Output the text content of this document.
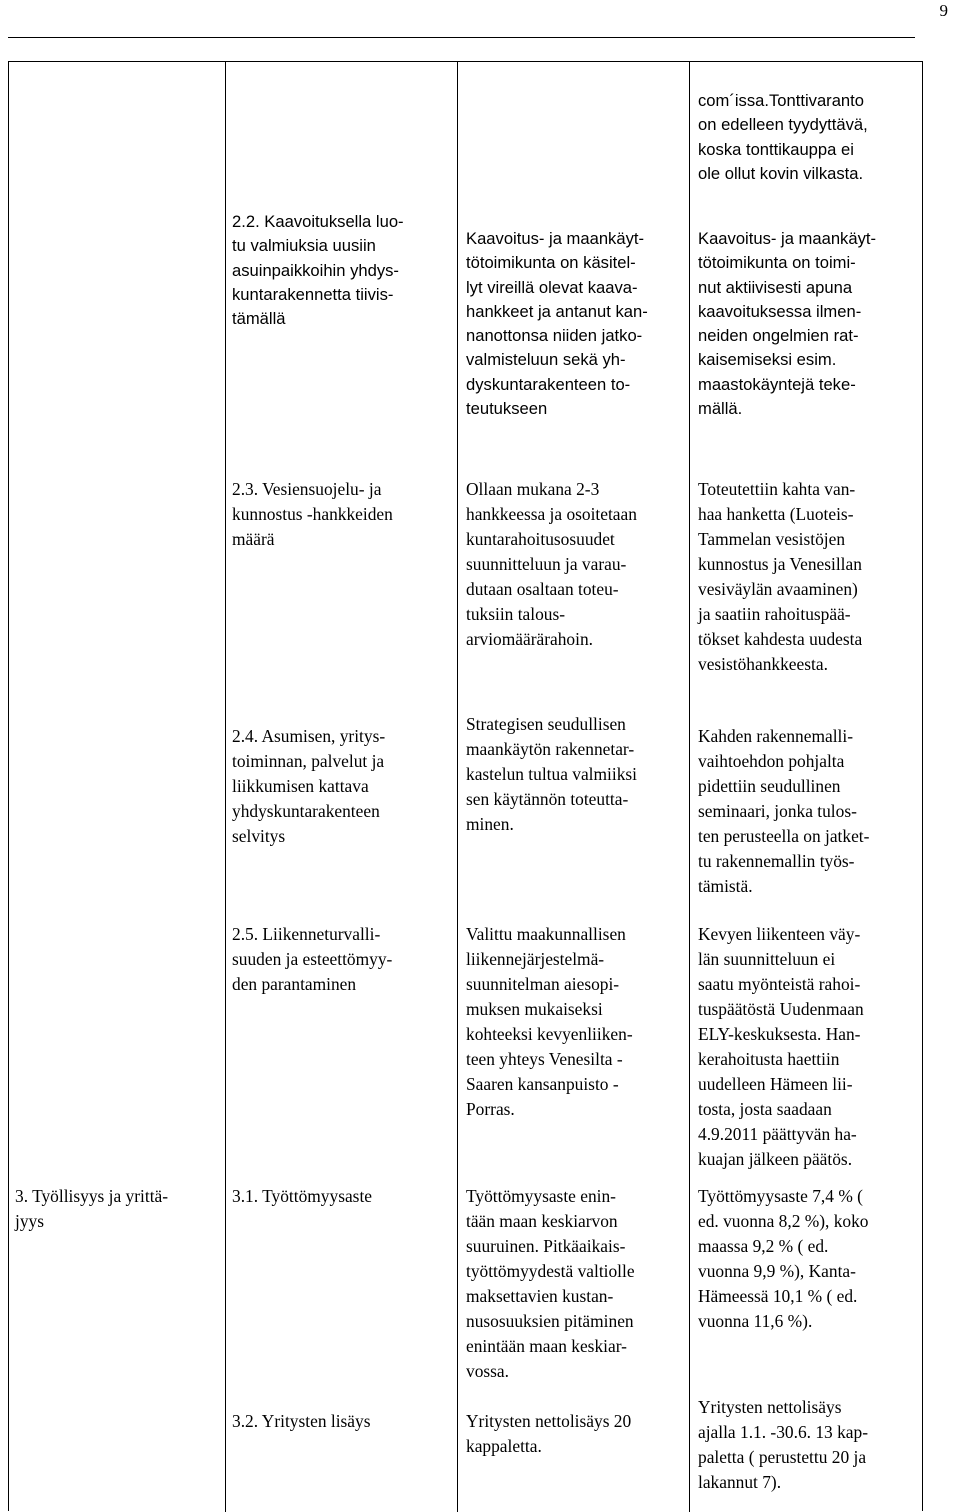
9

com´issa.Tonttivaranto
on edelleen tyydyttävä,
koska tonttikauppa ei
ole ollut kovin vilkasta.

2.2. Kaavoituksella luo-
tu valmiuksia uusiin
asuinpaikkoihin yhdys-
kuntarakennetta tiivis-
tämällä

Kaavoitus- ja maankäyt-
tötoimikunta on käsitel-
lyt vireillä olevat kaava-
hankkeet ja antanut kan-
nanottonsa niiden jatko-
valmisteluun sekä yh-
dyskuntarakenteen to-
teutukseen

Kaavoitus- ja maankäyt-
tötoimikunta on toimi-
nut aktiivisesti apuna
kaavoituksessa ilmen-
neiden ongelmien rat-
kaisemiseksi esim.
maastokäyntejä teke-
mällä.

2.3. Vesiensuojelu- ja
kunnostus -hankkeiden
määrä

Ollaan mukana 2-3
hankkeessa ja osoitetaan
kuntarahoitusosuudet
suunnitteluun ja varau-
dutaan osaltaan toteu-
tuksiin talous-
arviomäärärahoin.

Toteutettiin kahta van-
haa hanketta (Luoteis-
Tammelan vesistöjen
kunnostus ja Venesillan
vesiväylän avaaminen)
ja saatiin rahoituspää-
tökset kahdesta uudesta
vesistöhankkeesta.

2.4. Asumisen, yritys-
toiminnan, palvelut ja
liikkumisen kattava
yhdyskuntarakenteen
selvitys

Strategisen seudullisen
maankäytön rakennetar-
kastelun tultua valmiiksi
sen käytännön toteutta-
minen.

Kahden rakennemalli-
vaihtoehdon pohjalta
pidettiin seudullinen
seminaari, jonka tulos-
ten perusteella on jatket-
tu rakennemallin työs-
tämistä.

2.5. Liikenneturvalli-
suuden ja esteettömyy-
den parantaminen

Valittu maakunnallisen
liikennejärjestelmä-
suunnitelman aiesopi-
muksen mukaiseksi
kohteeksi kevyenliiken-
teen yhteys Venesilta -
Saaren kansanpuisto -
Porras.

Kevyen liikenteen väy-
län suunnitteluun ei
saatu myönteistä rahoi-
tuspäätöstä Uudenmaan
ELY-keskuksesta. Han-
kerahoitusta haettiin
uudelleen Hämeen lii-
tosta, josta saadaan
4.9.2011 päättyvän ha-
kuajan jälkeen päätös.

3. Työllisyys ja yrittä-
jyys

3.1. Työttömyysaste	Työttömyysaste enin-
tään maan keskiarvon
suuruinen. Pitkäaikais-
työttömyydestä valtiolle
maksettavien kustan-
nusosuuksien pitäminen
enintään maan keskiar-
vossa.

Työttömyysaste 7,4 % (
ed. vuonna 8,2 %), koko
maassa 9,2 % ( ed.
vuonna 9,9 %), Kanta-
Hämeessä 10,1 % ( ed.
vuonna 11,6 %).

3.2. Yritysten lisäys	Yritysten nettolisäys 20
kappaletta.

Yritysten nettolisäys
ajalla 1.1. -30.6. 13 kap-
paletta ( perustettu 20 ja
lakannut 7).
